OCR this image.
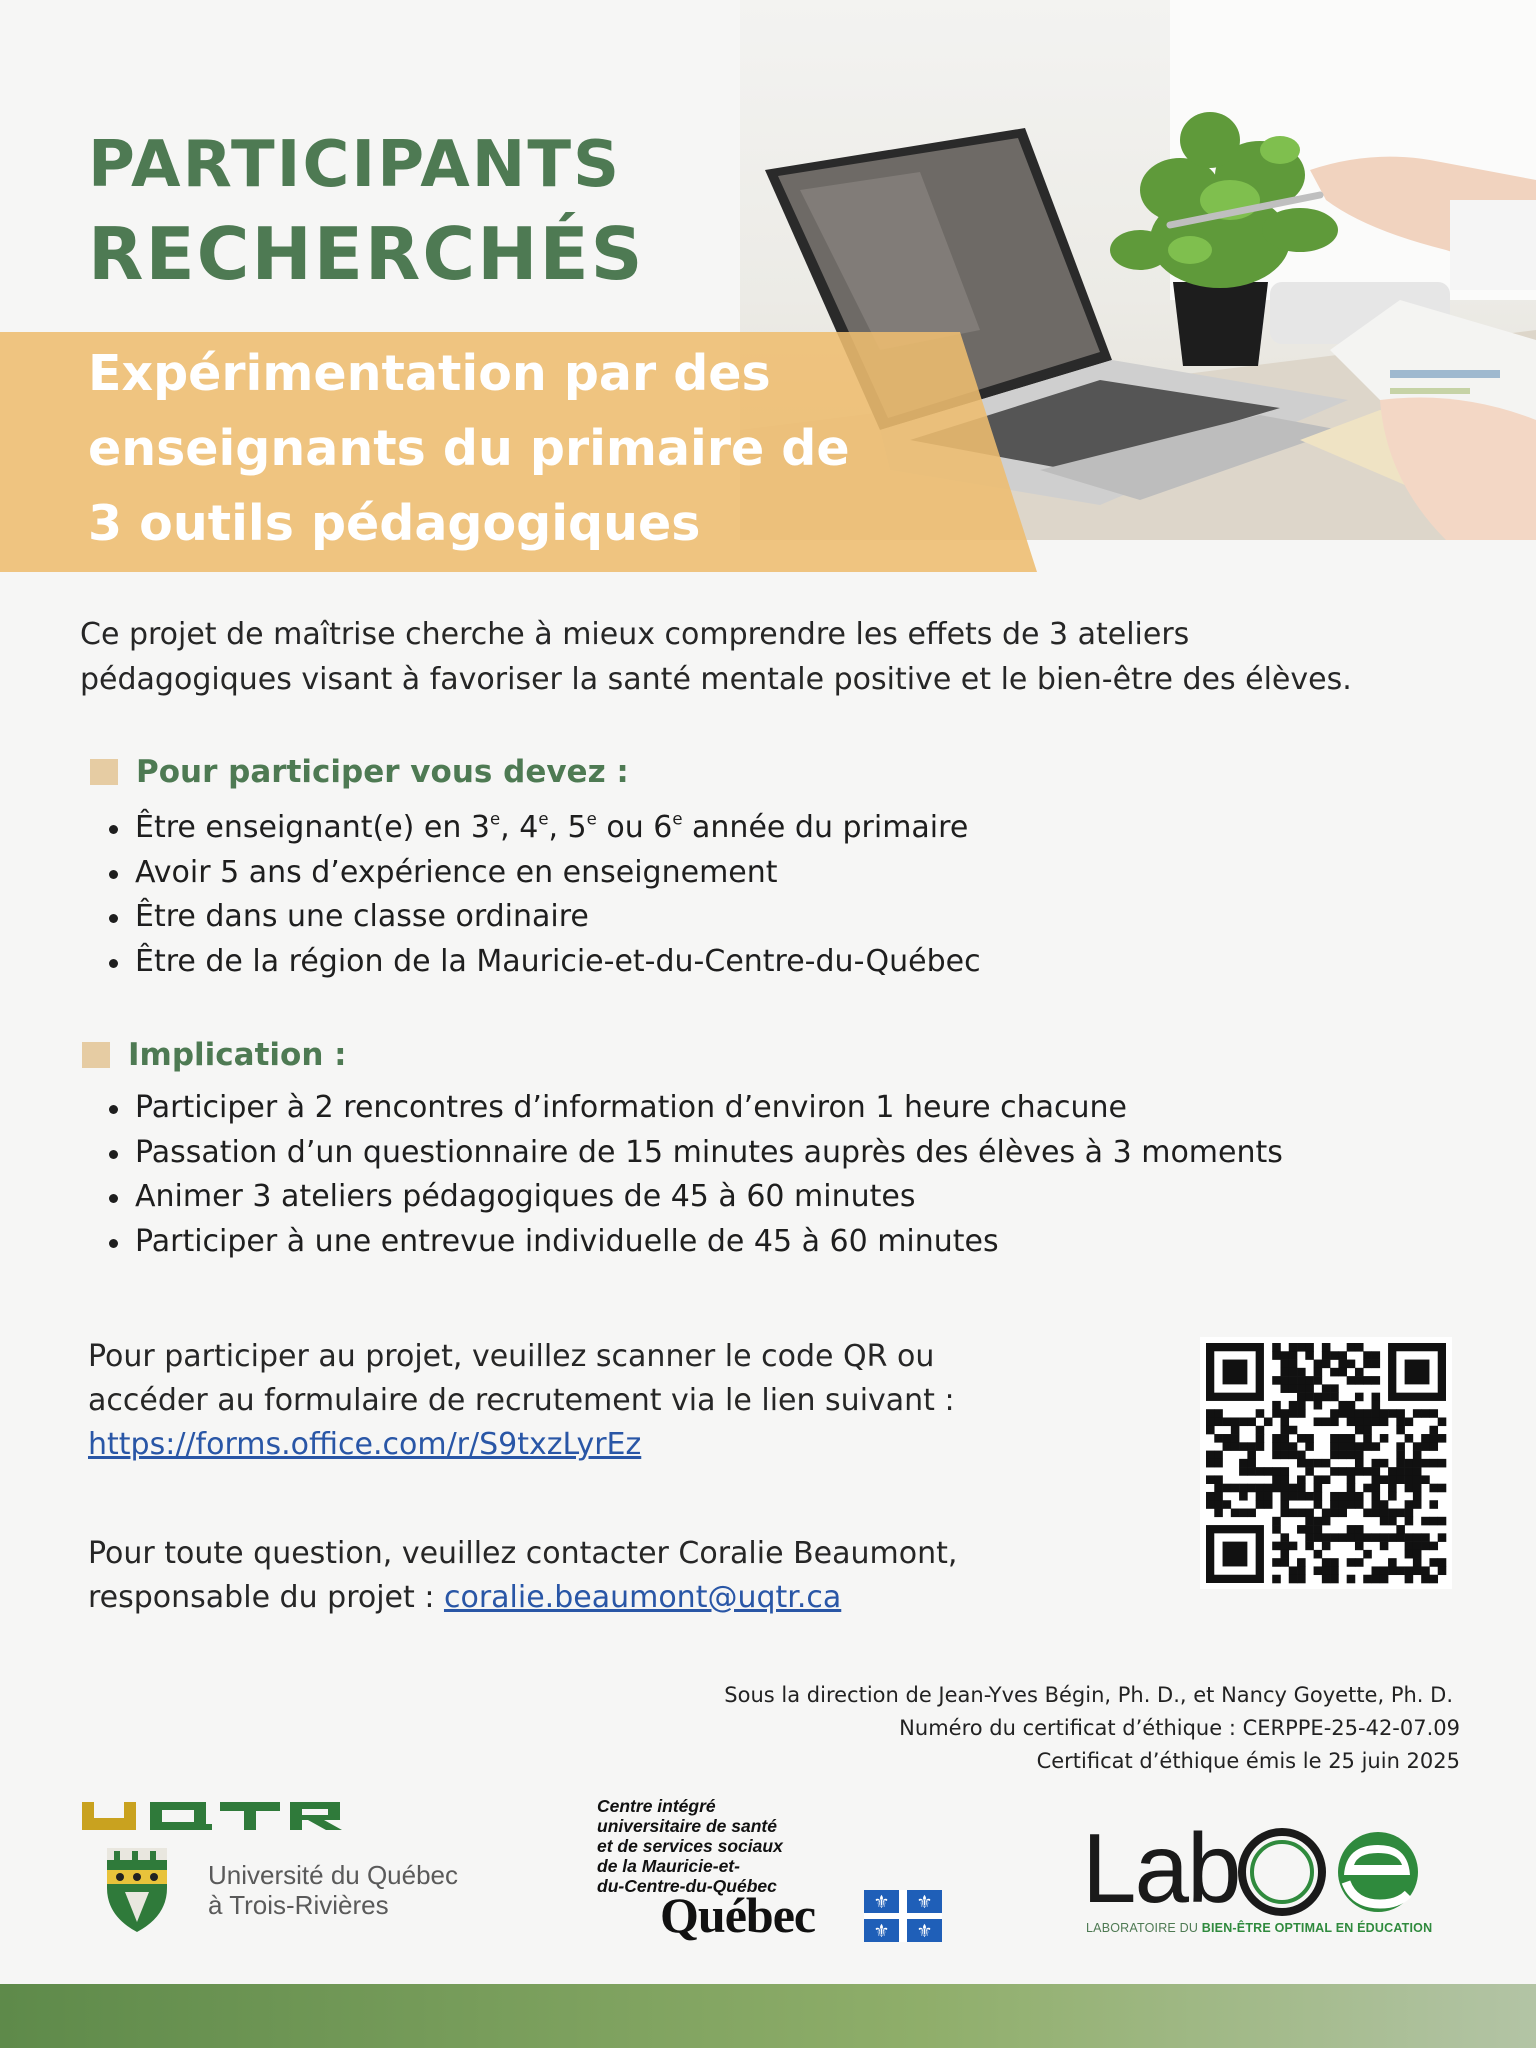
PARTICIPANTS
RECHERCHÉS
Expérimentation par des
enseignants du primaire de
3 outils pédagogiques
Ce projet de maîtrise cherche à mieux comprendre les effets de 3 ateliers
pédagogiques visant à favoriser la santé mentale positive et le bien-être des élèves.
Pour participer vous devez :
Être enseignant(e) en 3e, 4e, 5e ou 6e année du primaire
Avoir 5 ans d’expérience en enseignement
Être dans une classe ordinaire
Être de la région de la Mauricie-et-du-Centre-du-Québec
Implication :
Participer à 2 rencontres d’information d’environ 1 heure chacune
Passation d’un questionnaire de 15 minutes auprès des élèves à 3 moments
Animer 3 ateliers pédagogiques de 45 à 60 minutes
Participer à une entrevue individuelle de 45 à 60 minutes
Pour participer au projet, veuillez scanner le code QR ou
accéder au formulaire de recrutement via le lien suivant :
https://forms.office.com/r/S9txzLyrEz
Pour toute question, veuillez contacter Coralie Beaumont,
responsable du projet : coralie.beaumont@uqtr.ca
Sous la direction de Jean-Yves Bégin, Ph. D., et Nancy Goyette, Ph. D.
Numéro du certificat d’éthique : CERPPE-25-42-07.09
Certificat d’éthique émis le 25 juin 2025
Université du Québec
à Trois-Rivières
Centre intégré
universitaire de santé
et de services sociaux
de la Mauricie-et-
du-Centre-du-Québec
Québec	⚜ ⚜
⚜ ⚜
Lab
LABORATOIRE DU BIEN-ÊTRE OPTIMAL EN ÉDUCATION
